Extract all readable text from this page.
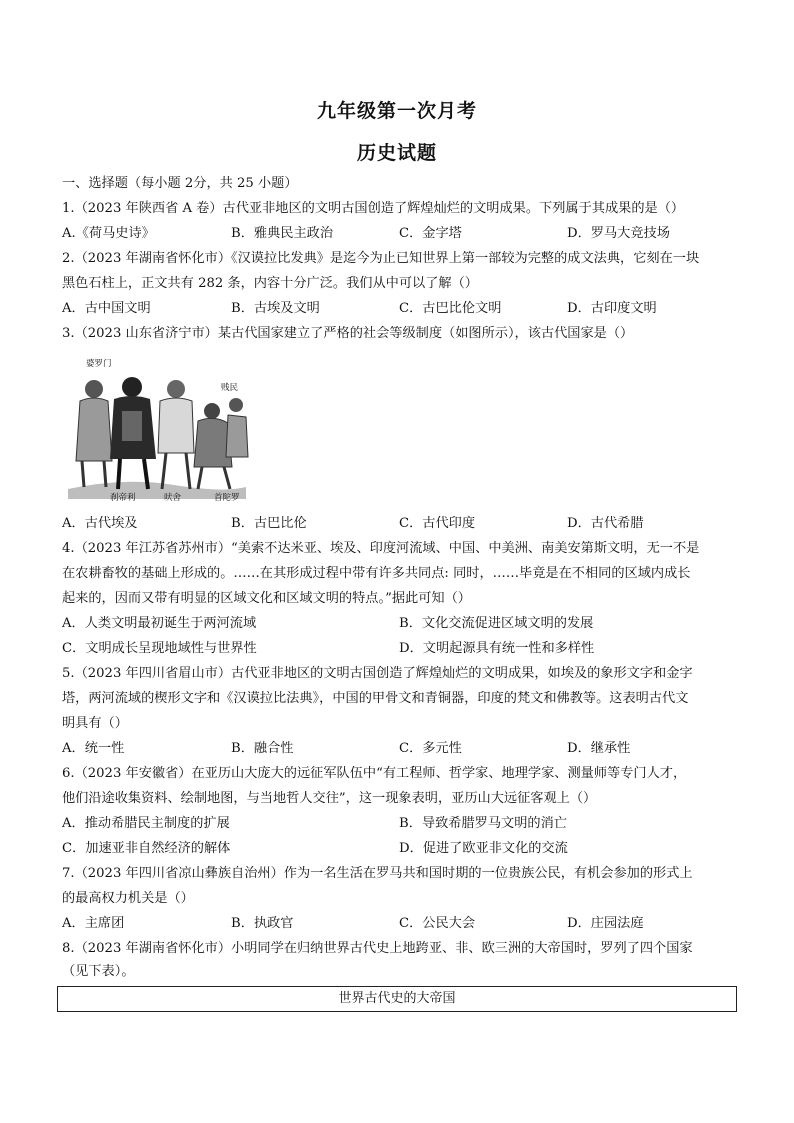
九年级第一次月考
历史试题
一、选择题（每小题 2分，共 25 小题）
1.（2023 年陕西省 A 卷）古代亚非地区的文明古国创造了辉煌灿烂的文明成果。下列属于其成果的是（）
A.《荷马史诗》	B．雅典民主政治	C．金字塔	D．罗马大竞技场
2.（2023 年湖南省怀化市）《汉谟拉比发典》是迄今为止已知世界上第一部较为完整的成文法典，它刻在一块
黑色石柱上，正文共有 282 条，内容十分广泛。我们从中可以了解（）
A．古中国文明	B．古埃及文明	C．古巴比伦文明	D．古印度文明
3.（2023 山东省济宁市）某古代国家建立了严格的社会等级制度（如图所示），该古代国家是（）
婆罗门
贱民
刹帝利	吠舍	首陀罗
A．古代埃及	B．古巴比伦	C．古代印度	D．古代希腊
4.（2023 年江苏省苏州市）“美索不达米亚、埃及、印度河流域、中国、中美洲、南美安第斯文明，无一不是
在农耕畜牧的基础上形成的。……在其形成过程中带有许多共同点: 同时，……毕竟是在不相同的区域内成长
起来的，因而又带有明显的区域文化和区域文明的特点。”据此可知（）
A．人类文明最初诞生于两河流域	B．文化交流促进区域文明的发展
C．文明成长呈现地域性与世界性	D．文明起源具有统一性和多样性
5.（2023 年四川省眉山市）古代亚非地区的文明古国创造了辉煌灿烂的文明成果，如埃及的象形文字和金字
塔，两河流域的楔形文字和《汉谟拉比法典》，中国的甲骨文和青铜器，印度的梵文和佛教等。这表明古代文
明具有（）
A．统一性	B．融合性	C．多元性	D．继承性
6.（2023 年安徽省）在亚历山大庞大的远征军队伍中“有工程师、哲学家、地理学家、测量师等专门人才，
他们沿途收集资料、绘制地图，与当地哲人交往”，这一现象表明，亚历山大远征客观上（）
A．推动希腊民主制度的扩展	B．导致希腊罗马文明的消亡
C．加速亚非自然经济的解体	D．促进了欧亚非文化的交流
7.（2023 年四川省凉山彝族自治州）作为一名生活在罗马共和国时期的一位贵族公民，有机会参加的形式上
的最高权力机关是（）
A．主席团	B．执政官	C．公民大会	D．庄园法庭
8.（2023 年湖南省怀化市）小明同学在归纳世界古代史上地跨亚、非、欧三洲的大帝国时，罗列了四个国家
（见下表）。
世界古代史的大帝国
